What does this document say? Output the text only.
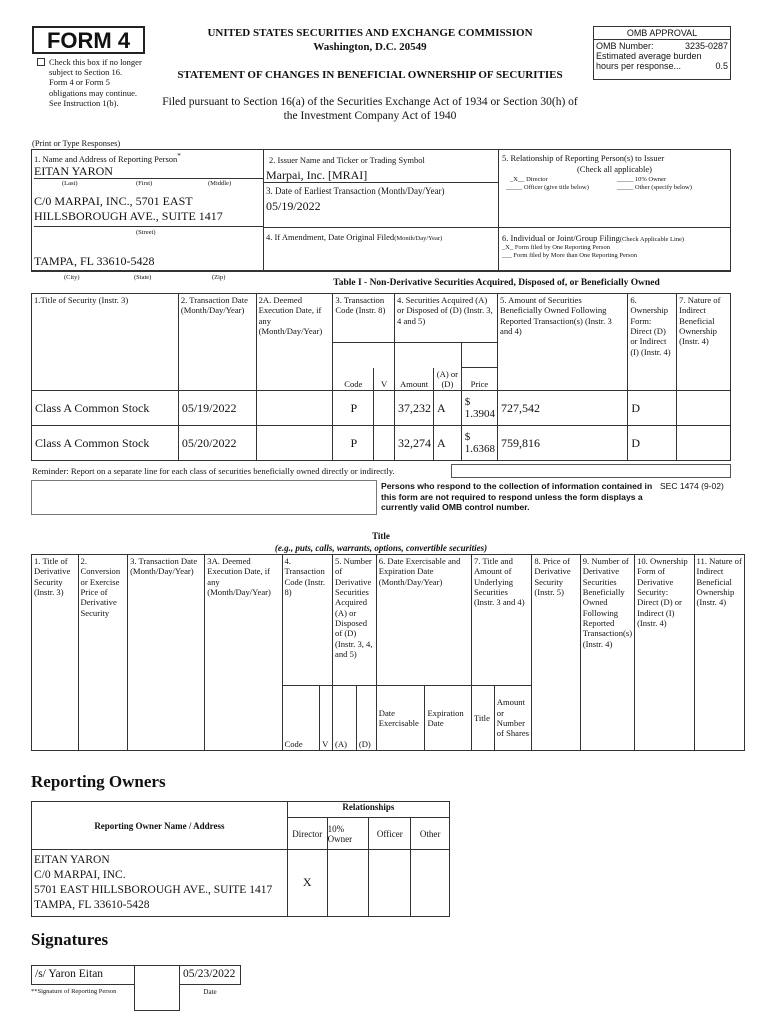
FORM 4
Check this box if no longer subject to Section 16. Form 4 or Form 5 obligations may continue. See Instruction 1(b).
UNITED STATES SECURITIES AND EXCHANGE COMMISSION
Washington, D.C. 20549
STATEMENT OF CHANGES IN BENEFICIAL OWNERSHIP OF SECURITIES
Filed pursuant to Section 16(a) of the Securities Exchange Act of 1934 or Section 30(h) of
the Investment Company Act of 1940
OMB APPROVAL
OMB Number:	3235-0287
Estimated average burden
hours per response...	0.5
(Print or Type Responses)
1. Name and Address of Reporting Person*
EITAN YARON
(Last)	(First)	(Middle)
C/0 MARPAI, INC., 5701 EAST
HILLSBOROUGH AVE., SUITE 1417
(Street)
TAMPA, FL 33610-5428
2. Issuer Name and Ticker or Trading Symbol
Marpai, Inc. [MRAI]
3. Date of Earliest Transaction (Month/Day/Year)
05/19/2022
4. If Amendment, Date Original Filed(Month/Day/Year)
5. Relationship of Reporting Person(s) to Issuer
(Check all applicable)
_X__ Director	_____ 10% Owner
_____ Officer (give title below)	_____ Other (specify below)
6. Individual or Joint/Group Filing(Check Applicable Line)
_X_ Form filed by One Reporting Person
___ Form filed by More than One Reporting Person
(City)	(State)	(Zip)
Table I - Non-Derivative Securities Acquired, Disposed of, or Beneficially Owned
1.Title of Security (Instr. 3)	2. Transaction Date (Month/Day/Year)	2A. Deemed Execution Date, if any (Month/Day/Year)	3. Transaction Code (Instr. 8)		4. Securities Acquired (A) or Disposed of (D) (Instr. 3, 4 and 5)			5. Amount of Securities Beneficially Owned Following Reported Transaction(s) (Instr. 3 and 4)	6. Ownership Form: Direct (D) or Indirect (I) (Instr. 4)	7. Nature of Indirect Beneficial Ownership (Instr. 4)

			Code	V	Amount	(A) or (D)	Price			
Class A Common Stock	05/19/2022		P		37,232	A	$ 1.3904	727,542	D	
Class A Common Stock	05/20/2022		P		32,274	A	$ 1.6368	759,816	D	
Reminder: Report on a separate line for each class of securities beneficially owned directly or indirectly.
Persons who respond to the collection of information contained in this form are not required to respond unless the form displays a currently valid OMB control number.
SEC 1474 (9-02)
Title
(e.g., puts, calls, warrants, options, convertible securities)
1. Title of Derivative Security (Instr. 3)	2. Conversion or Exercise Price of Derivative Security	3. Transaction Date (Month/Day/Year)	3A. Deemed Execution Date, if any (Month/Day/Year)	4. Transaction Code (Instr. 8)		5. Number of Derivative Securities Acquired (A) or Disposed of (D) (Instr. 3, 4, and 5)		6. Date Exercisable and Expiration Date (Month/Day/Year)		7. Title and Amount of Underlying Securities (Instr. 3 and 4)		8. Price of Derivative Security (Instr. 5)	9. Number of Derivative Securities Beneficially Owned Following Reported Transaction(s) (Instr. 4)	10. Ownership Form of Derivative Security: Direct (D) or Indirect (I) (Instr. 4)	11. Nature of Indirect Beneficial Ownership (Instr. 4)
				Code	V	(A)	(D)	Date Exercisable	Expiration Date	Title	Amount or Number of Shares				
Reporting Owners
Reporting Owner Name / Address	Relationships			
	Director	10% Owner	Officer	Other

EITAN YARON
C/0 MARPAI, INC.
5701 EAST HILLSBOROUGH AVE., SUITE 1417
TAMPA, FL 33610-5428	X			
Signatures
/s/ Yaron Eitan	05/23/2022
**Signature of Reporting Person	Date
